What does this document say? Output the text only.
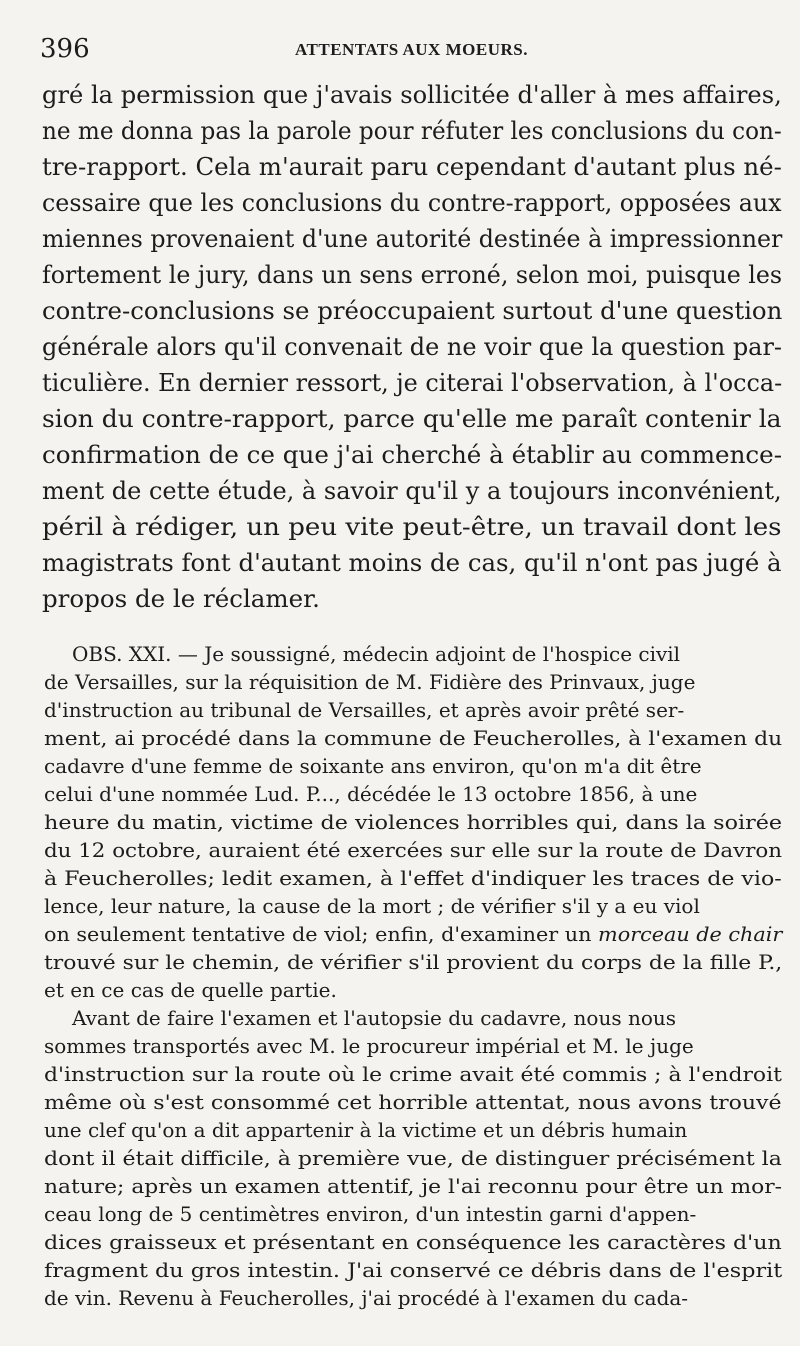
396	ATTENTATS AUX MOEURS.
gré la permission que j'avais sollicitée d'aller à mes affaires,
ne me donna pas la parole pour réfuter les conclusions du con-
tre-rapport. Cela m'aurait paru cependant d'autant plus né-
cessaire que les conclusions du contre-rapport, opposées aux
miennes provenaient d'une autorité destinée à impressionner
fortement le jury, dans un sens erroné, selon moi, puisque les
contre-conclusions se préoccupaient surtout d'une question
générale alors qu'il convenait de ne voir que la question par-
ticulière. En dernier ressort, je citerai l'observation, à l'occa-
sion du contre-rapport, parce qu'elle me paraît contenir la
confirmation de ce que j'ai cherché à établir au commence-
ment de cette étude, à savoir qu'il y a toujours inconvénient,
péril à rédiger, un peu vite peut-être, un travail dont les
magistrats font d'autant moins de cas, qu'il n'ont pas jugé à
propos de le réclamer.
OBS. XXI. — Je soussigné, médecin adjoint de l'hospice civil
de Versailles, sur la réquisition de M. Fidière des Prinvaux, juge
d'instruction au tribunal de Versailles, et après avoir prêté ser-
ment, ai procédé dans la commune de Feucherolles, à l'examen du
cadavre d'une femme de soixante ans environ, qu'on m'a dit être
celui d'une nommée Lud. P..., décédée le 13 octobre 1856, à une
heure du matin, victime de violences horribles qui, dans la soirée
du 12 octobre, auraient été exercées sur elle sur la route de Davron
à Feucherolles; ledit examen, à l'effet d'indiquer les traces de vio-
lence, leur nature, la cause de la mort ; de vérifier s'il y a eu viol
on seulement tentative de viol; enfin, d'examiner un morceau de chair
trouvé sur le chemin, de vérifier s'il provient du corps de la fille P.,
et en ce cas de quelle partie.
Avant de faire l'examen et l'autopsie du cadavre, nous nous
sommes transportés avec M. le procureur impérial et M. le juge
d'instruction sur la route où le crime avait été commis ; à l'endroit
même où s'est consommé cet horrible attentat, nous avons trouvé
une clef qu'on a dit appartenir à la victime et un débris humain
dont il était difficile, à première vue, de distinguer précisément la
nature; après un examen attentif, je l'ai reconnu pour être un mor-
ceau long de 5 centimètres environ, d'un intestin garni d'appen-
dices graisseux et présentant en conséquence les caractères d'un
fragment du gros intestin. J'ai conservé ce débris dans de l'esprit
de vin. Revenu à Feucherolles, j'ai procédé à l'examen du cada-
